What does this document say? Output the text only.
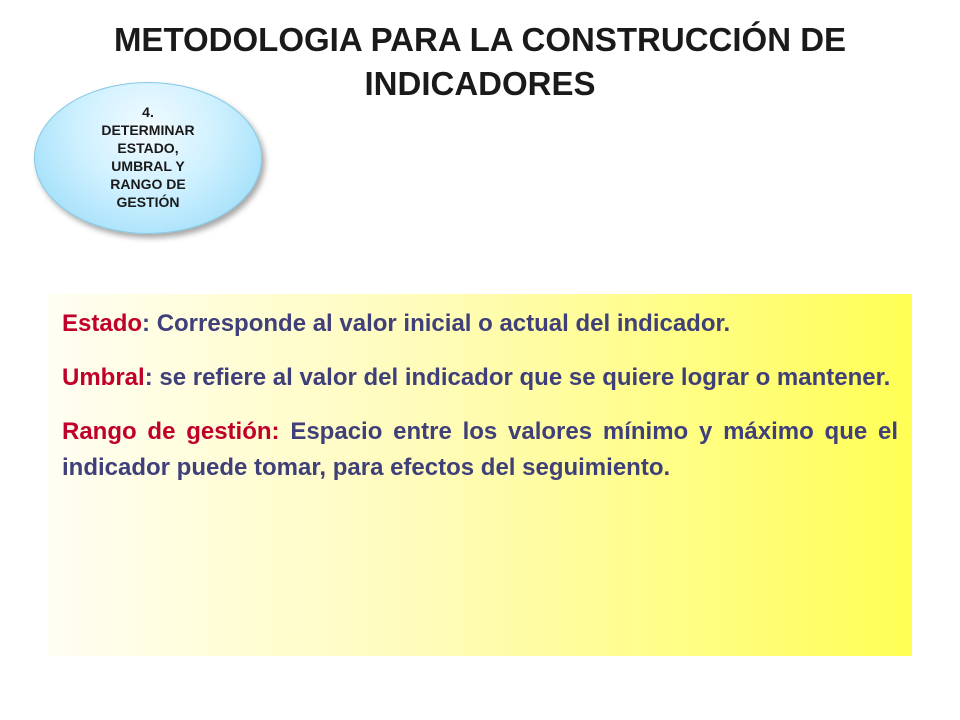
METODOLOGIA PARA LA CONSTRUCCIÓN DE
INDICADORES
4.
DETERMINAR
ESTADO,
UMBRAL Y
RANGO DE
GESTIÓN

Estado: Corresponde al valor inicial o actual del indicador.

Umbral: se refiere al valor del indicador que se quiere lograr o mantener.

Rango de gestión: Espacio entre los valores mínimo y máximo que el indicador puede tomar, para efectos del seguimiento.
